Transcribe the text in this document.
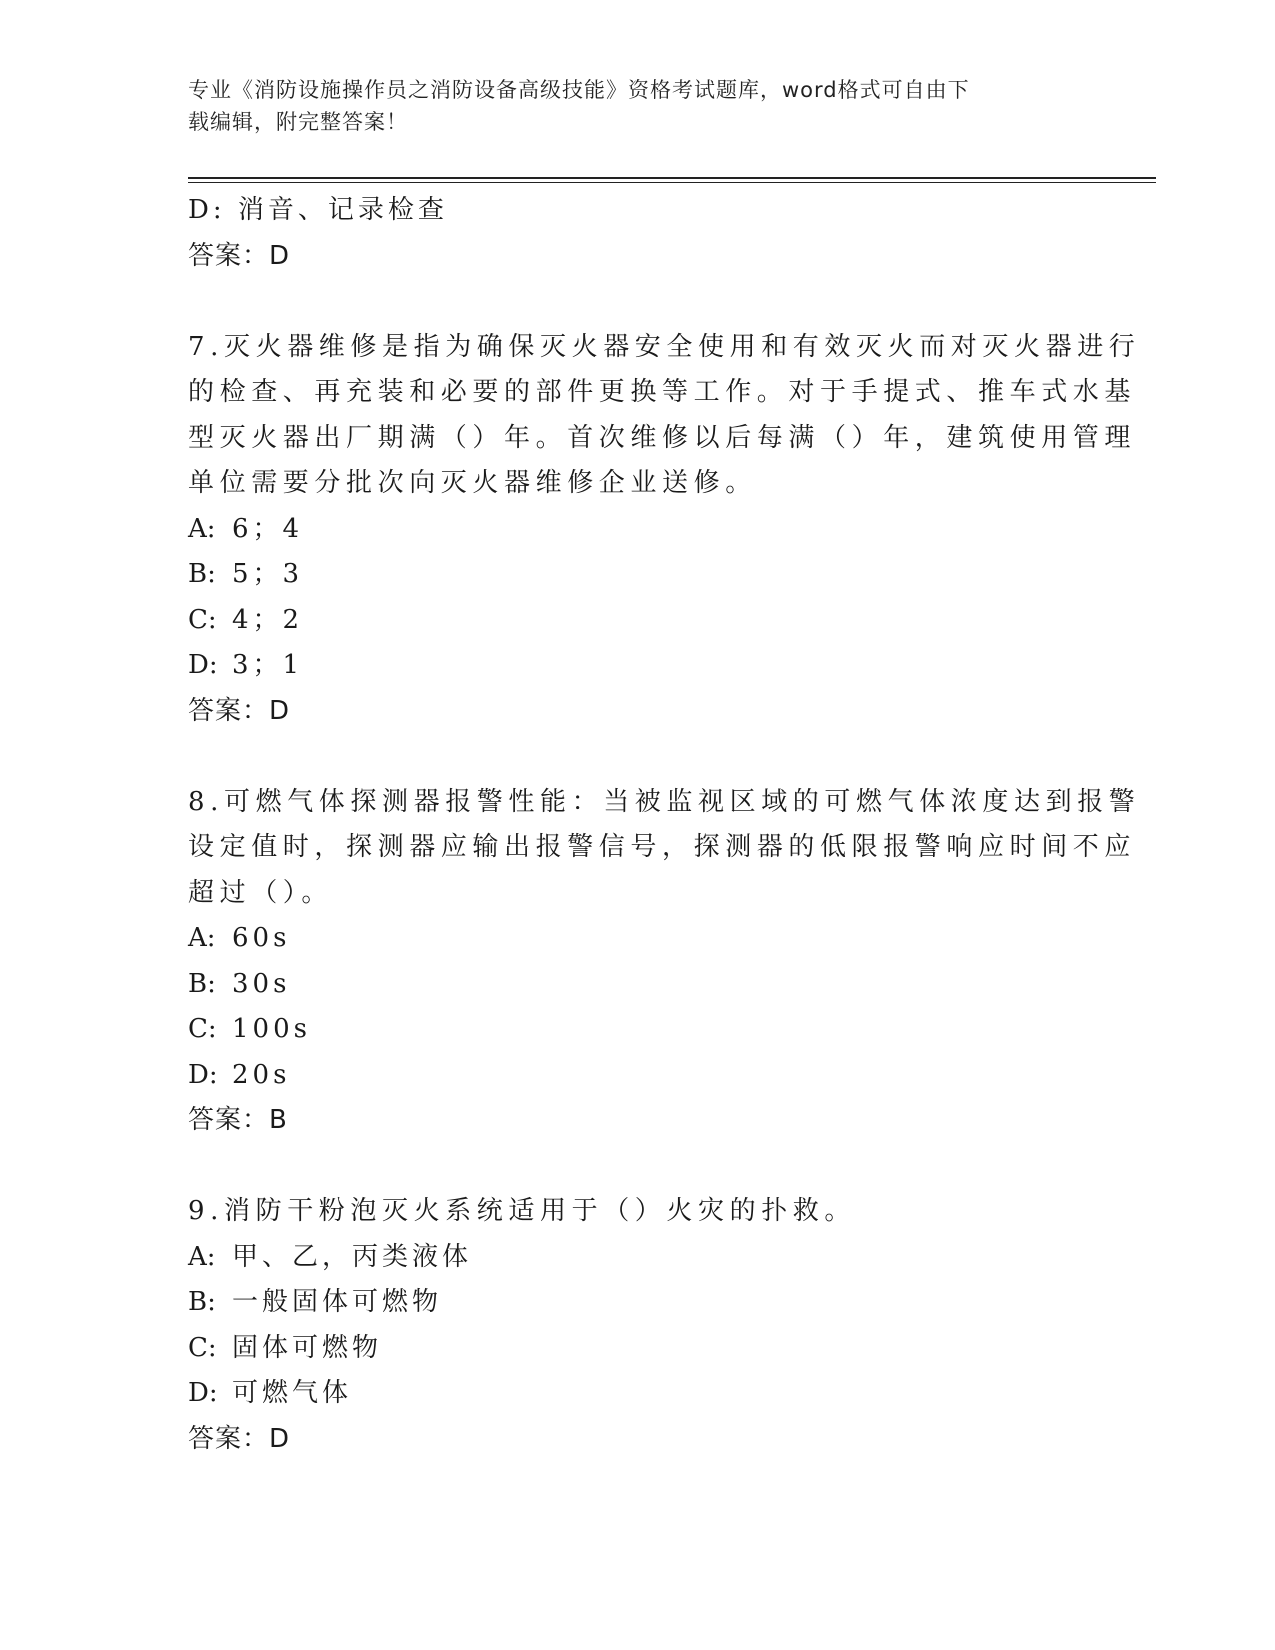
专业《消防设施操作员之消防设备高级技能》资格考试题库，word格式可自由下
载编辑，附完整答案！
D: 消音、记录检查
答案：D
7.灭火器维修是指为确保灭火器安全使用和有效灭火而对灭火器进行
的检查、再充装和必要的部件更换等工作。对于手提式、推车式水基
型灭火器出厂期满（）年。首次维修以后每满（）年，建筑使用管理
单位需要分批次向灭火器维修企业送修。
A: 6；4
B: 5；3
C: 4；2
D: 3；1
答案：D
8.可燃气体探测器报警性能：当被监视区域的可燃气体浓度达到报警
设定值时，探测器应输出报警信号，探测器的低限报警响应时间不应
超过（）。
A: 60s
B: 30s
C: 100s
D: 20s
答案：B
9.消防干粉泡灭火系统适用于（）火灾的扑救。
A: 甲、乙，丙类液体
B: 一般固体可燃物
C: 固体可燃物
D: 可燃气体
答案：D
